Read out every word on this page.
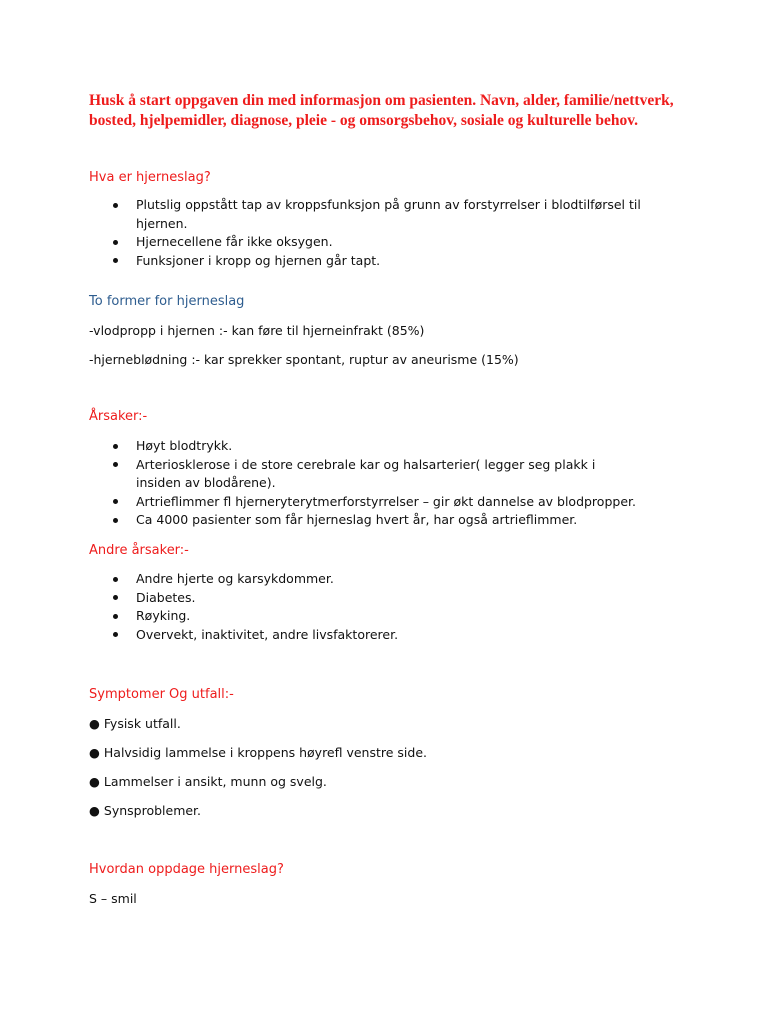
Husk å start oppgaven din med informasjon om pasienten. Navn, alder, familie/nettverk, bosted, hjelpemidler, diagnose, pleie - og omsorgsbehov, sosiale og kulturelle behov.

Hva er hjerneslag?
Plutslig oppstått tap av kroppsfunksjon på grunn av forstyrrelser i blodtilførsel til hjernen.
Hjernecellene får ikke oksygen.
Funksjoner i kropp og hjernen går tapt.
To former for hjerneslag

-vlodpropp i hjernen :- kan føre til hjerneinfrakt (85%)

-hjerneblødning :- kar sprekker spontant, ruptur av aneurisme (15%)

Årsaker:-
Høyt blodtrykk.
Arteriosklerose i de store cerebrale kar og halsarterier( legger seg plakk i insiden av blodårene).
Artrieflimmer fl hjerneryterytmerforstyrrelser – gir økt dannelse av blodpropper.
Ca 4000 pasienter som får hjerneslag hvert år, har også artrieflimmer.
Andre årsaker:-
Andre hjerte og karsykdommer.
Diabetes.
Røyking.
Overvekt, inaktivitet, andre livsfaktorerer.
Symptomer Og utfall:-

● Fysisk utfall.

● Halvsidig lammelse i kroppens høyrefl venstre side.

● Lammelser i ansikt, munn og svelg.

● Synsproblemer.

Hvordan oppdage hjerneslag?

S – smil
